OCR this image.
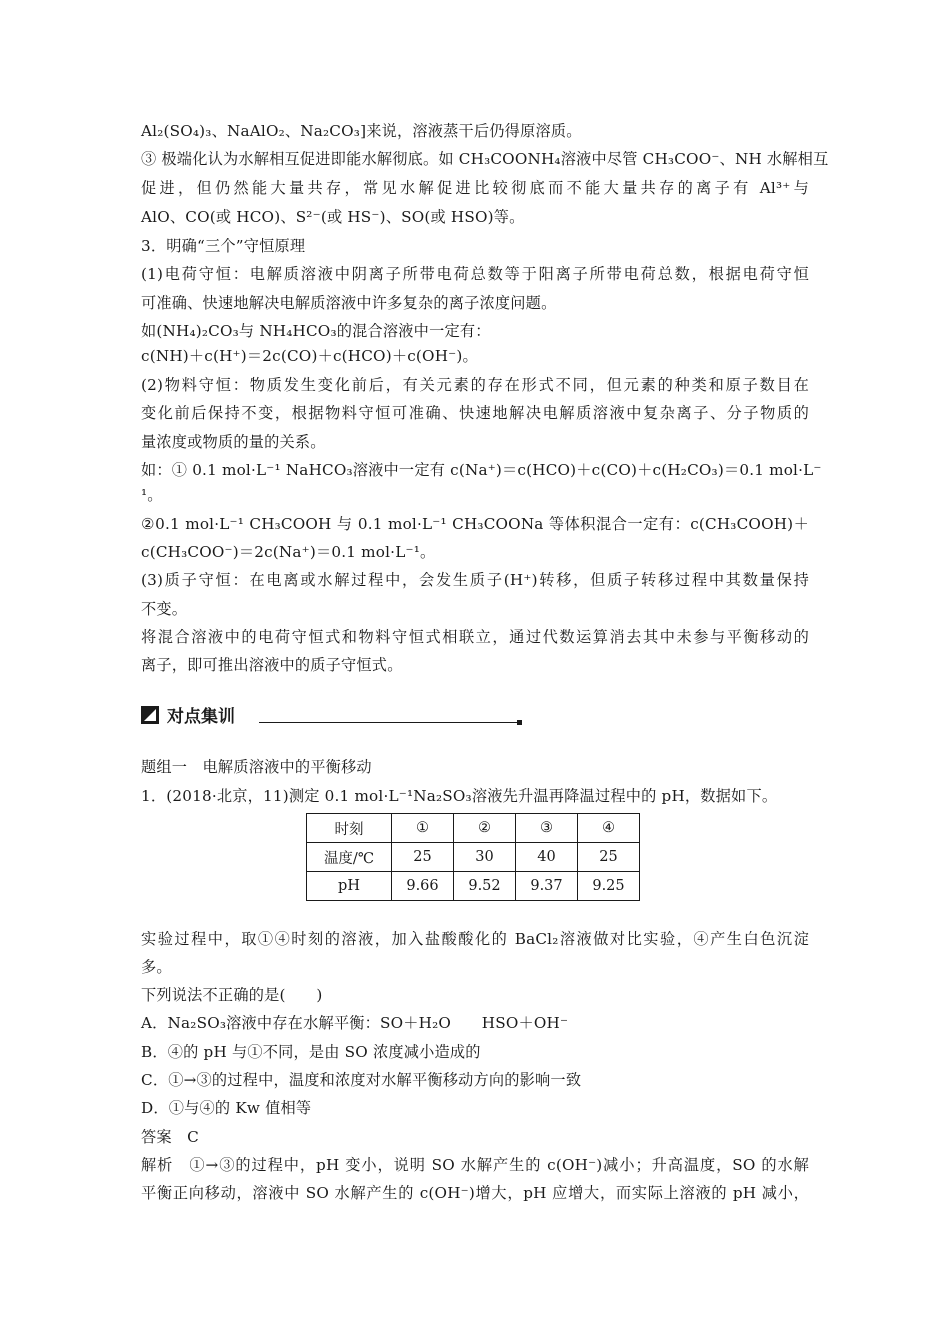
Al₂(SO₄)₃、NaAlO₂、Na₂CO₃]来说，溶液蒸干后仍得原溶质。
③ 极端化认为水解相互促进即能水解彻底。如 CH₃COONH₄溶液中尽管 CH₃COO⁻、NH 水解相互
促进，但仍然能大量共存，常见水解促进比较彻底而不能大量共存的离子有 Al³⁺与
AlO、CO(或 HCO)、S²⁻(或 HS⁻)、SO(或 HSO)等。
3．明确“三个”守恒原理
(1)电荷守恒：电解质溶液中阴离子所带电荷总数等于阳离子所带电荷总数，根据电荷守恒
可准确、快速地解决电解质溶液中许多复杂的离子浓度问题。
如(NH₄)₂CO₃与 NH₄HCO₃的混合溶液中一定有：
c(NH)＋c(H⁺)＝2c(CO)＋c(HCO)＋c(OH⁻)。
(2)物料守恒：物质发生变化前后，有关元素的存在形式不同，但元素的种类和原子数目在
变化前后保持不变，根据物料守恒可准确、快速地解决电解质溶液中复杂离子、分子物质的
量浓度或物质的量的关系。
如：① 0.1 mol·L⁻¹ NaHCO₃溶液中一定有 c(Na⁺)＝c(HCO)＋c(CO)＋c(H₂CO₃)＝0.1 mol·L⁻
¹。
②0.1 mol·L⁻¹ CH₃COOH 与 0.1 mol·L⁻¹ CH₃COONa 等体积混合一定有：c(CH₃COOH)＋
c(CH₃COO⁻)＝2c(Na⁺)＝0.1 mol·L⁻¹。
(3)质子守恒：在电离或水解过程中，会发生质子(H⁺)转移，但质子转移过程中其数量保持
不变。
将混合溶液中的电荷守恒式和物料守恒式相联立，通过代数运算消去其中未参与平衡移动的
离子，即可推出溶液中的质子守恒式。
对点集训
题组一　电解质溶液中的平衡移动
1．(2018·北京，11)测定 0.1 mol·L⁻¹Na₂SO₃溶液先升温再降温过程中的 pH，数据如下。
时刻	①	②	③	④
温度/℃	25	30	40	25
pH	9.66	9.52	9.37	9.25
实验过程中，取①④时刻的溶液，加入盐酸酸化的 BaCl₂溶液做对比实验，④产生白色沉淀
多。
下列说法不正确的是(　　)
A．Na₂SO₃溶液中存在水解平衡：SO＋H₂O　　HSO＋OH⁻
B．④的 pH 与①不同，是由 SO 浓度减小造成的
C．①→③的过程中，温度和浓度对水解平衡移动方向的影响一致
D．①与④的 Kw 值相等
答案　C
解析　①→③的过程中，pH 变小，说明 SO 水解产生的 c(OH⁻)减小；升高温度，SO 的水解
平衡正向移动，溶液中 SO 水解产生的 c(OH⁻)增大，pH 应增大，而实际上溶液的 pH 减小，
